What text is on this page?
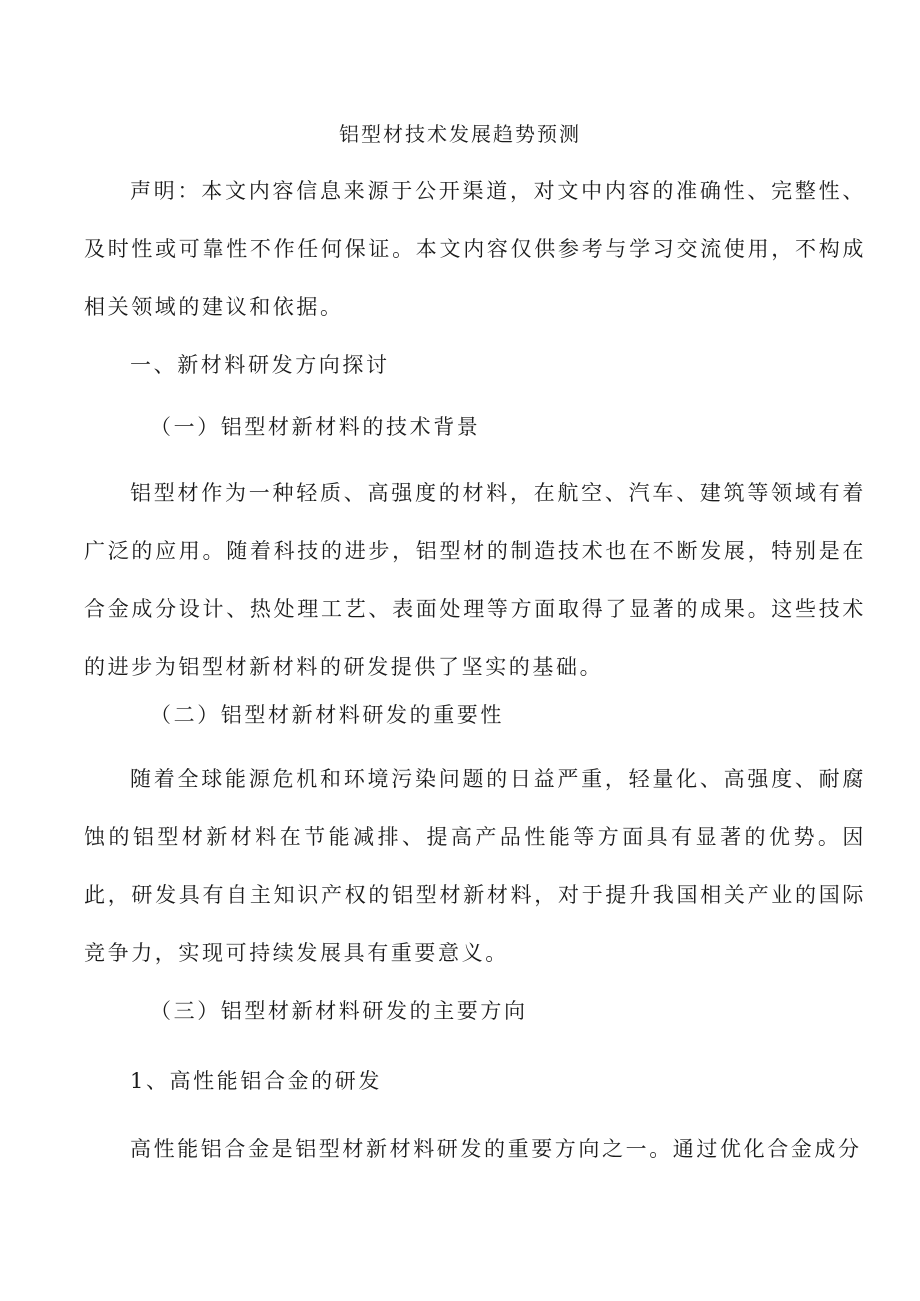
铝型材技术发展趋势预测

声明：本文内容信息来源于公开渠道，对文中内容的准确性、完整性、及时性或可靠性不作任何保证。本文内容仅供参考与学习交流使用，不构成相关领域的建议和依据。

一、新材料研发方向探讨
（一）铝型材新材料的技术背景

铝型材作为一种轻质、高强度的材料，在航空、汽车、建筑等领域有着广泛的应用。随着科技的进步，铝型材的制造技术也在不断发展，特别是在合金成分设计、热处理工艺、表面处理等方面取得了显著的成果。这些技术的进步为铝型材新材料的研发提供了坚实的基础。

（二）铝型材新材料研发的重要性

随着全球能源危机和环境污染问题的日益严重，轻量化、高强度、耐腐蚀的铝型材新材料在节能减排、提高产品性能等方面具有显著的优势。因此，研发具有自主知识产权的铝型材新材料，对于提升我国相关产业的国际竞争力，实现可持续发展具有重要意义。

（三）铝型材新材料研发的主要方向
1、高性能铝合金的研发

高性能铝合金是铝型材新材料研发的重要方向之一。通过优化合金成分
